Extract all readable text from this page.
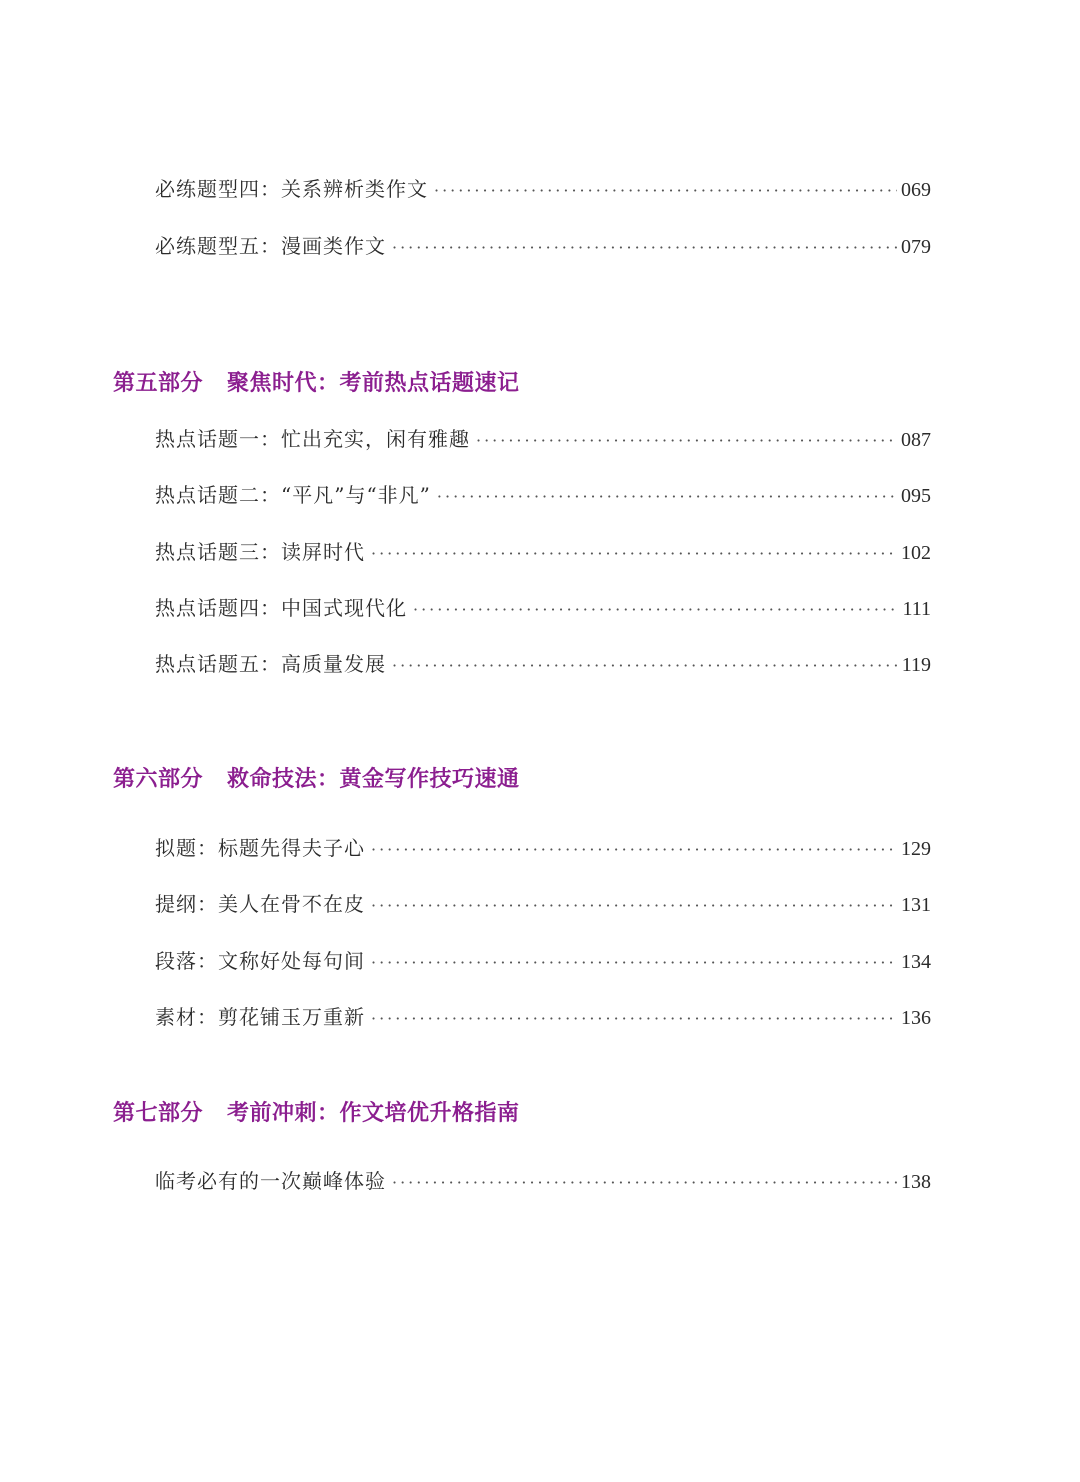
必练题型四：关系辨析类作文 ·····	069
必练题型五：漫画类作文 ·····	079
第五部分 聚焦时代：考前热点话题速记
热点话题一：忙出充实，闲有雅趣 ·····	087
热点话题二：“平凡”与“非凡” ·····	095
热点话题三：读屏时代 ·····	102
热点话题四：中国式现代化 ·····	111
热点话题五：高质量发展 ·····	119
第六部分 救命技法：黄金写作技巧速通
拟题：标题先得夫子心 ·····	129
提纲：美人在骨不在皮 ·····	131
段落：文称好处每句间 ·····	134
素材：剪花铺玉万重新 ·····	136
第七部分 考前冲刺：作文培优升格指南
临考必有的一次巅峰体验 ·····	138
